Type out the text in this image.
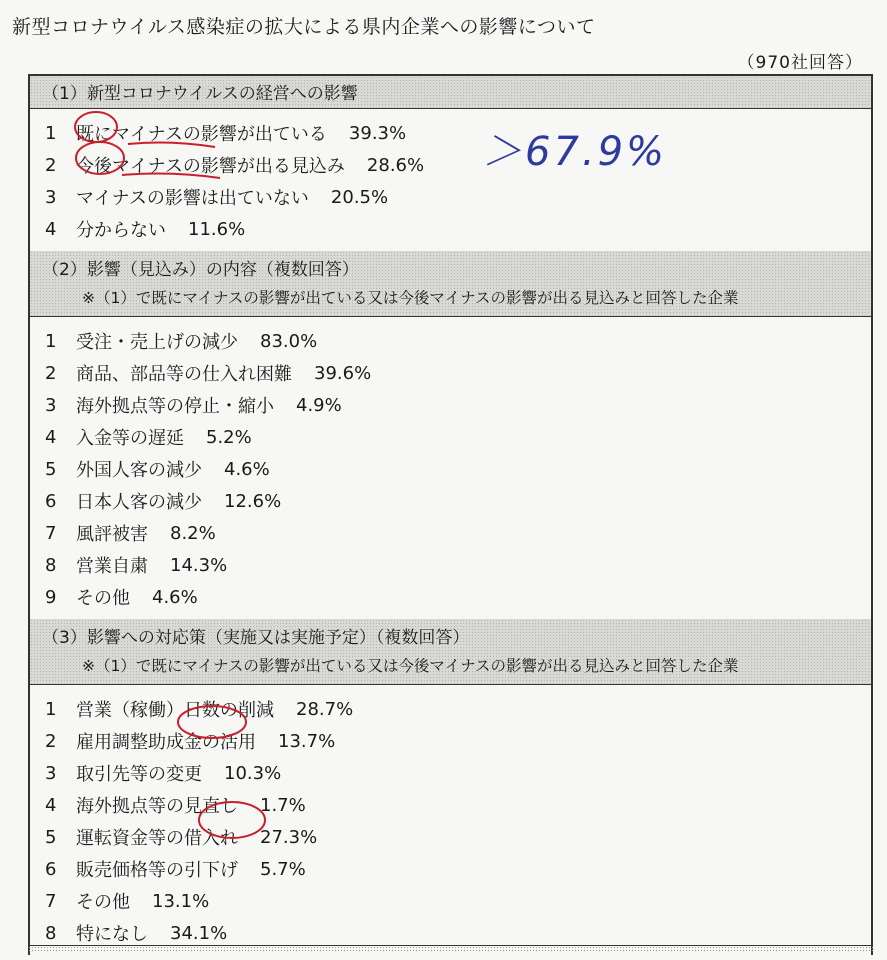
新型コロナウイルス感染症の拡大による県内企業への影響について
（970社回答）
（1）新型コロナウイルスの経営への影響
1	既にマイナスの影響が出ている 39.3%
2	今後マイナスの影響が出る見込み 28.6%
3	マイナスの影響は出ていない 20.5%
4	分からない 11.6%
（2）影響（見込み）の内容（複数回答）
※（1）で既にマイナスの影響が出ている又は今後マイナスの影響が出る見込みと回答した企業
1	受注・売上げの減少 83.0%
2	商品、部品等の仕入れ困難 39.6%
3	海外拠点等の停止・縮小 4.9%
4	入金等の遅延 5.2%
5	外国人客の減少 4.6%
6	日本人客の減少 12.6%
7	風評被害 8.2%
8	営業自粛 14.3%
9	その他 4.6%
（3）影響への対応策（実施又は実施予定）（複数回答）
※（1）で既にマイナスの影響が出ている又は今後マイナスの影響が出る見込みと回答した企業
1	営業（稼働）日数の削減 28.7%
2	雇用調整助成金の活用 13.7%
3	取引先等の変更 10.3%
4	海外拠点等の見直し 1.7%
5	運転資金等の借入れ 27.3%
6	販売価格等の引下げ 5.7%
7	その他 13.1%
8	特になし 34.1%
＞67.9%
